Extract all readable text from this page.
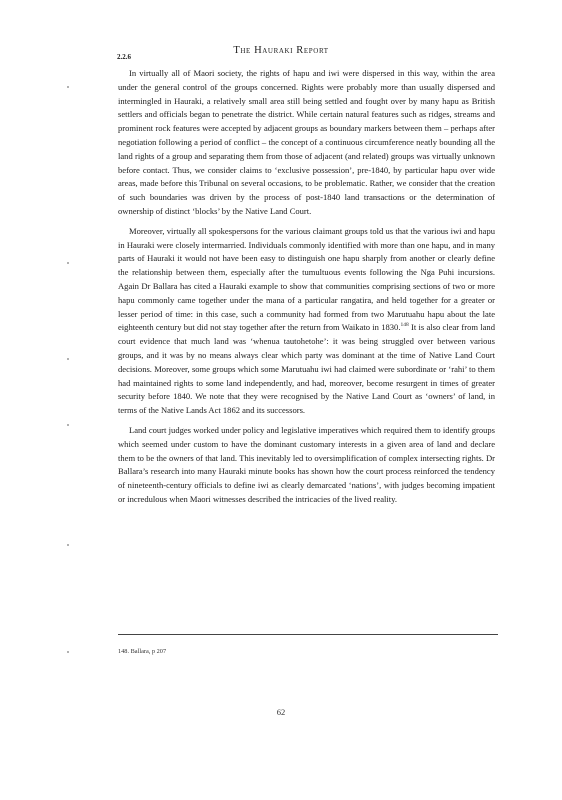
The Hauraki Report
2.2.6

In virtually all of Maori society, the rights of hapu and iwi were dispersed in this way, within the area under the general control of the groups concerned. Rights were probably more than usually dispersed and intermingled in Hauraki, a relatively small area still being settled and fought over by many hapu as British settlers and officials began to penetrate the district. While certain natural features such as ridges, streams and prominent rock features were accepted by adjacent groups as boundary markers between them – perhaps after negotiation following a period of conflict – the concept of a continuous circumference neatly bounding all the land rights of a group and separating them from those of adjacent (and related) groups was virtually unknown before contact. Thus, we consider claims to ‘exclusive possession’, pre-1840, by particular hapu over wide areas, made before this Tribunal on several occasions, to be problematic. Rather, we consider that the creation of such boundaries was driven by the process of post-1840 land transactions or the determination of ownership of distinct ‘blocks’ by the Native Land Court.

Moreover, virtually all spokespersons for the various claimant groups told us that the various iwi and hapu in Hauraki were closely intermarried. Individuals commonly identified with more than one hapu, and in many parts of Hauraki it would not have been easy to distinguish one hapu sharply from another or clearly define the relationship between them, especially after the tumultuous events following the Nga Puhi incursions. Again Dr Ballara has cited a Hauraki example to show that communities comprising sections of two or more hapu commonly came together under the mana of a particular rangatira, and held together for a greater or lesser period of time: in this case, such a community had formed from two Marutuahu hapu about the late eighteenth century but did not stay together after the return from Waikato in 1830.$^{148}$ It is also clear from land court evidence that much land was ‘whenua tautohetohe’: it was being struggled over between various groups, and it was by no means always clear which party was dominant at the time of Native Land Court decisions. Moreover, some groups which some Marutuahu iwi had claimed were subordinate or ‘rahi’ to them had maintained rights to some land independently, and had, moreover, become resurgent in times of greater security before 1840. We note that they were recognised by the Native Land Court as ‘owners’ of land, in terms of the Native Lands Act 1862 and its successors.

Land court judges worked under policy and legislative imperatives which required them to identify groups which seemed under custom to have the dominant customary interests in a given area of land and declare them to be the owners of that land. This inevitably led to oversimplification of complex intersecting rights. Dr Ballara’s research into many Hauraki minute books has shown how the court process reinforced the tendency of nineteenth-century officials to define iwi as clearly demarcated ‘nations’, with judges becoming impatient or incredulous when Maori witnesses described the intricacies of the lived reality.

148. Ballara, p 207
62
